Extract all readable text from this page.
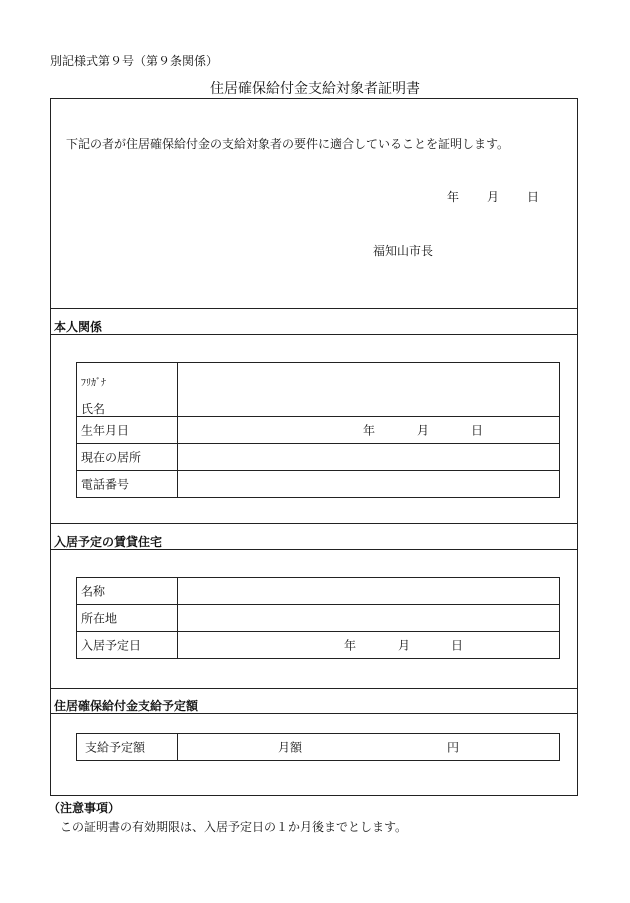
別記様式第９号（第９条関係）
住居確保給付金支給対象者証明書
下記の者が住居確保給付金の支給対象者の要件に適合していることを証明します。
年 月 日
福知山市長
本人関係
ﾌﾘｶﾞﾅ
氏名	

生年月日	年 月 日

現在の居所	

電話番号	

入居予定の賃貸住宅
名称	

所在地	

入居予定日	年 月 日
住居確保給付金支給予定額
支給予定額	月額	円
（注意事項）
この証明書の有効期限は、入居予定日の１か月後までとします。
